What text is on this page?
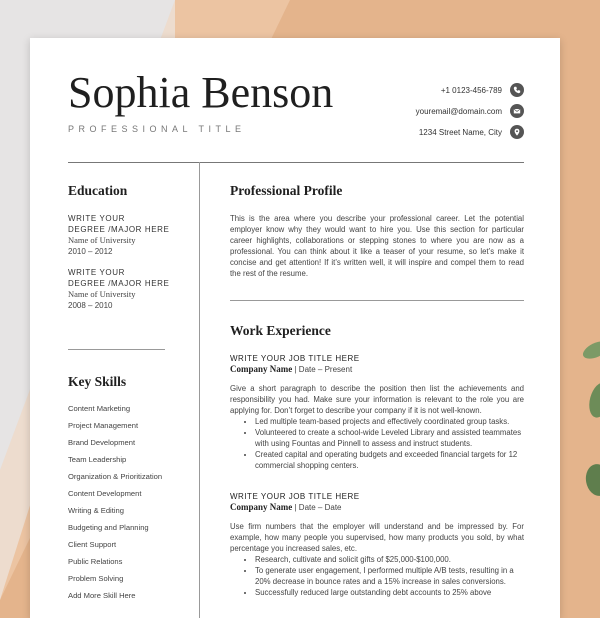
Sophia Benson
PROFESSIONAL TITLE
+1 0123-456-789
youremail@domain.com
1234 Street Name, City
Education
WRITE YOUR
DEGREE /MAJOR HERE
Name of University
2010 – 2012
WRITE YOUR
DEGREE /MAJOR HERE
Name of University
2008 – 2010
Key Skills
Content Marketing
Project Management
Brand Development
Team Leadership
Organization & Prioritization
Content Development
Writing & Editing
Budgeting and Planning
Client Support
Public Relations
Problem Solving
Add More Skill Here
Professional Profile

This is the area where you describe your professional career. Let the potential employer know why they would want to hire you. Use this section for particular career highlights, collaborations or stepping stones to where you are now as a professional. You can think about it like a teaser of your resume, so let’s make it concise and get attention! If it’s written well, it will inspire and compel them to read the rest of the resume.

Work Experience
WRITE YOUR JOB TITLE HERE
Company Name | Date – Present

Give a short paragraph to describe the position then list the achievements and responsibility you had. Make sure your information is relevant to the role you are applying for. Don’t forget to describe your company if it is not well-known.

• Led multiple team-based projects and effectively coordinated group tasks.
• Volunteered to create a school-wide Leveled Library and assisted teammates with using Fountas and Pinnell to assess and instruct students.
• Created capital and operating budgets and exceeded financial targets for 12 commercial shopping centers.
WRITE YOUR JOB TITLE HERE
Company Name | Date – Date

Use firm numbers that the employer will understand and be impressed by. For example, how many people you supervised, how many products you sold, by what percentage you increased sales, etc.

• Research, cultivate and solicit gifts of $25,000-$100,000.
• To generate user engagement, I performed multiple A/B tests, resulting in a 20% decrease in bounce rates and a 15% increase in sales conversions.
• Successfully reduced large outstanding debt accounts to 25% above
